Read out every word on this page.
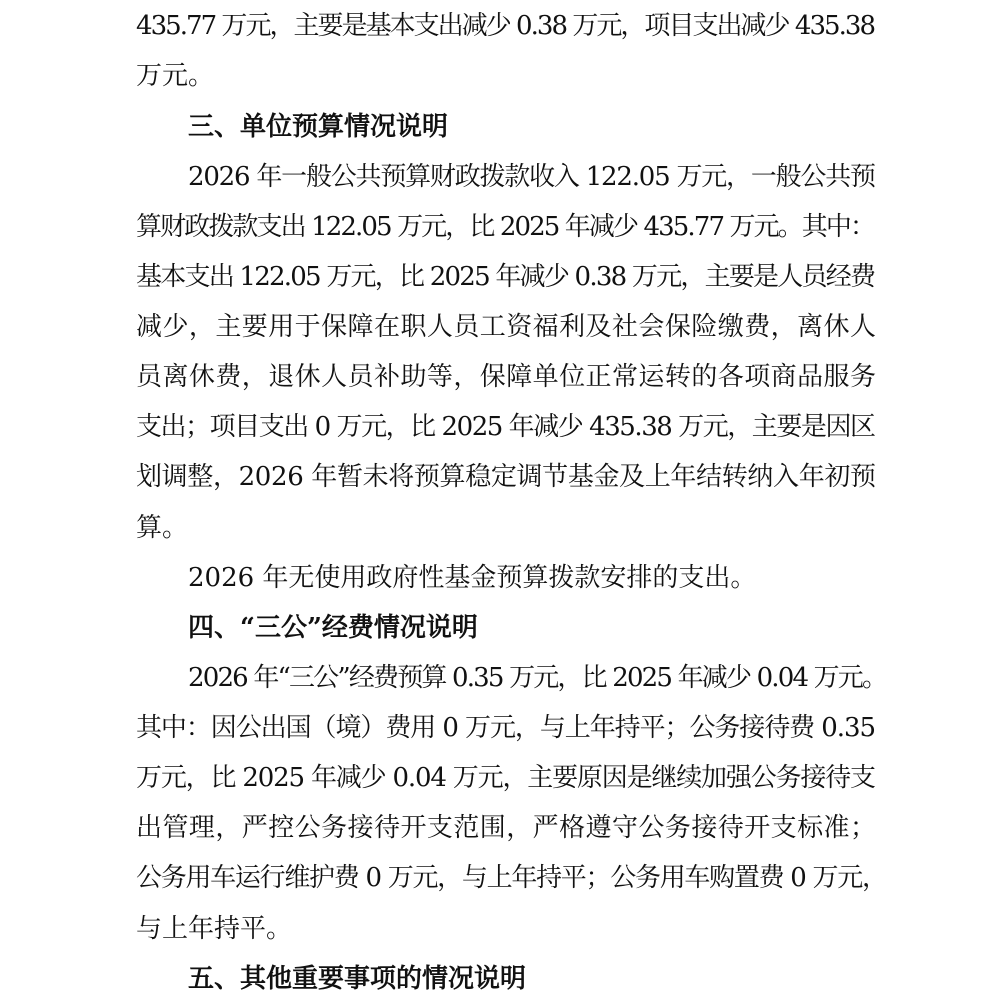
435.77 万元，主要是基本支出减少 0.38 万元，项目支出减少 435.38
万元。
三、单位预算情况说明
2026 年一般公共预算财政拨款收入 122.05 万元，一般公共预
算财政拨款支出 122.05 万元，比 2025 年减少 435.77 万元。其中：
基本支出 122.05 万元，比 2025 年减少 0.38 万元，主要是人员经费
减少，主要用于保障在职人员工资福利及社会保险缴费，离休人
员离休费，退休人员补助等，保障单位正常运转的各项商品服务
支出；项目支出 0 万元，比 2025 年减少 435.38 万元，主要是因区
划调整，2026 年暂未将预算稳定调节基金及上年结转纳入年初预
算。
2026 年无使用政府性基金预算拨款安排的支出。
四、“三公”经费情况说明
2026 年“三公”经费预算 0.35 万元，比 2025 年减少 0.04 万元。
其中：因公出国（境）费用 0 万元，与上年持平；公务接待费 0.35
万元，比 2025 年减少 0.04 万元，主要原因是继续加强公务接待支
出管理，严控公务接待开支范围，严格遵守公务接待开支标准；
公务用车运行维护费 0 万元，与上年持平；公务用车购置费 0 万元，
与上年持平。
五、其他重要事项的情况说明
